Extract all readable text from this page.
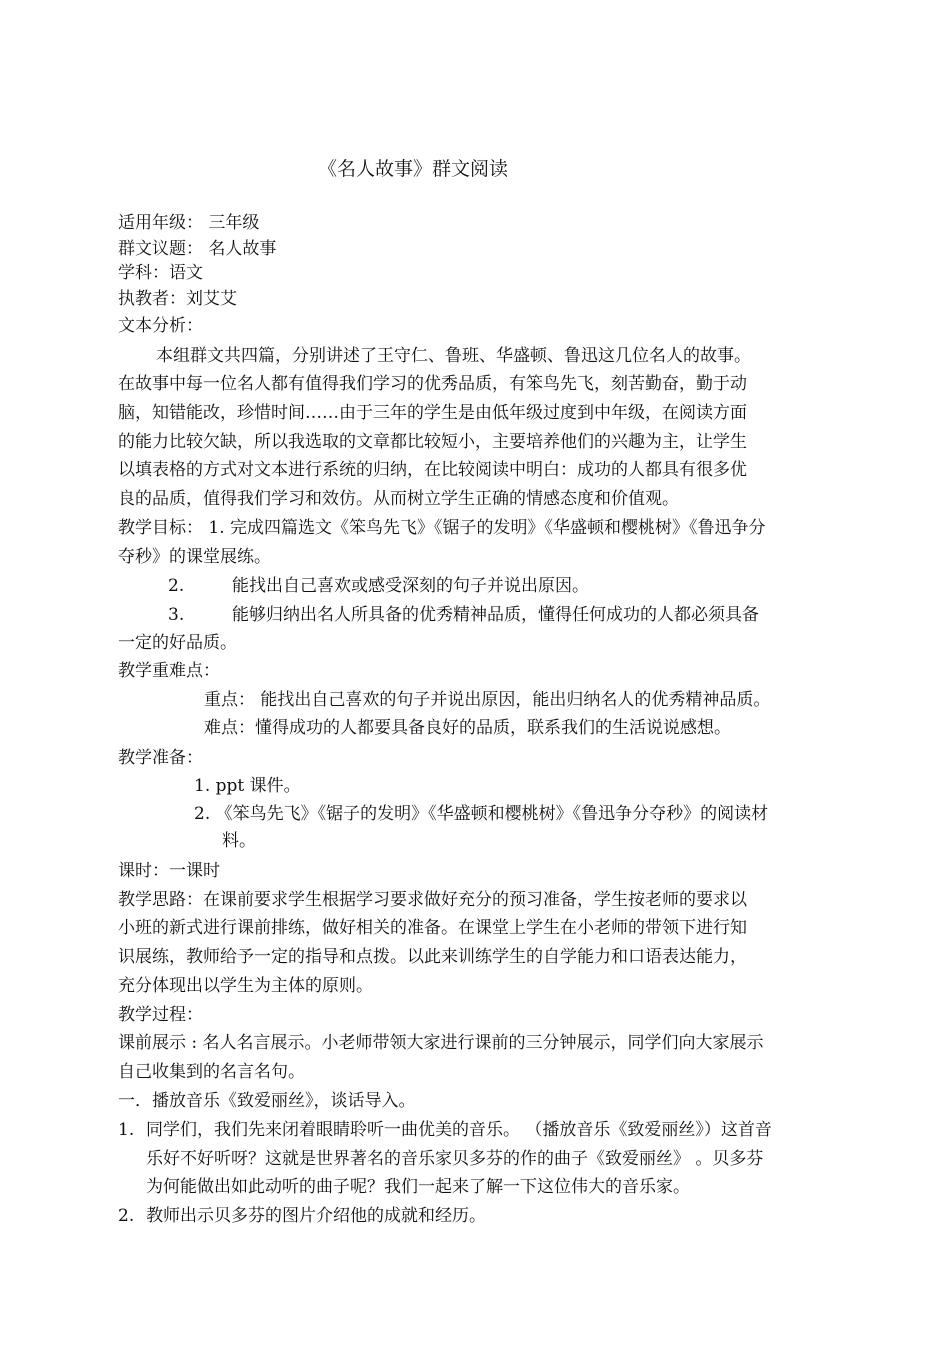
《名人故事》群文阅读
适用年级： 三年级
群文议题： 名人故事
学科：语文
执教者：刘艾艾
文本分析：
本组群文共四篇，分别讲述了王守仁、鲁班、华盛顿、鲁迅这几位名人的故事。
在故事中每一位名人都有值得我们学习的优秀品质，有笨鸟先飞，刻苦勤奋，勤于动
脑，知错能改，珍惜时间……由于三年的学生是由低年级过度到中年级，在阅读方面
的能力比较欠缺，所以我选取的文章都比较短小，主要培养他们的兴趣为主，让学生
以填表格的方式对文本进行系统的归纳，在比较阅读中明白：成功的人都具有很多优
良的品质，值得我们学习和效仿。从而树立学生正确的情感态度和价值观。
教学目标： 1. 完成四篇选文《笨鸟先飞》《锯子的发明》《华盛顿和樱桃树》《鲁迅争分
夺秒》的课堂展练。
2.	能找出自己喜欢或感受深刻的句子并说出原因。
3.	能够归纳出名人所具备的优秀精神品质，懂得任何成功的人都必须具备
一定的好品质。
教学重难点：
重点： 能找出自己喜欢的句子并说出原因，能出归纳名人的优秀精神品质。
难点：懂得成功的人都要具备良好的品质，联系我们的生活说说感想。
教学准备：
1. ppt 课件。
2. 《笨鸟先飞》《锯子的发明》《华盛顿和樱桃树》《鲁迅争分夺秒》的阅读材
料。
课时：一课时
教学思路：在课前要求学生根据学习要求做好充分的预习准备，学生按老师的要求以
小班的新式进行课前排练，做好相关的准备。在课堂上学生在小老师的带领下进行知
识展练，教师给予一定的指导和点拨。以此来训练学生的自学能力和口语表达能力，
充分体现出以学生为主体的原则。
教学过程：
课前展示 : 名人名言展示。小老师带领大家进行课前的三分钟展示，同学们向大家展示
自己收集到的名言名句。
一．播放音乐《致爱丽丝》，谈话导入。
1. 同学们，我们先来闭着眼睛聆听一曲优美的音乐。 （播放音乐《致爱丽丝》）这首音
乐好不好听呀？这就是世界著名的音乐家贝多芬的作的曲子《致爱丽丝》 。贝多芬
为何能做出如此动听的曲子呢？我们一起来了解一下这位伟大的音乐家。
2. 教师出示贝多芬的图片介绍他的成就和经历。
